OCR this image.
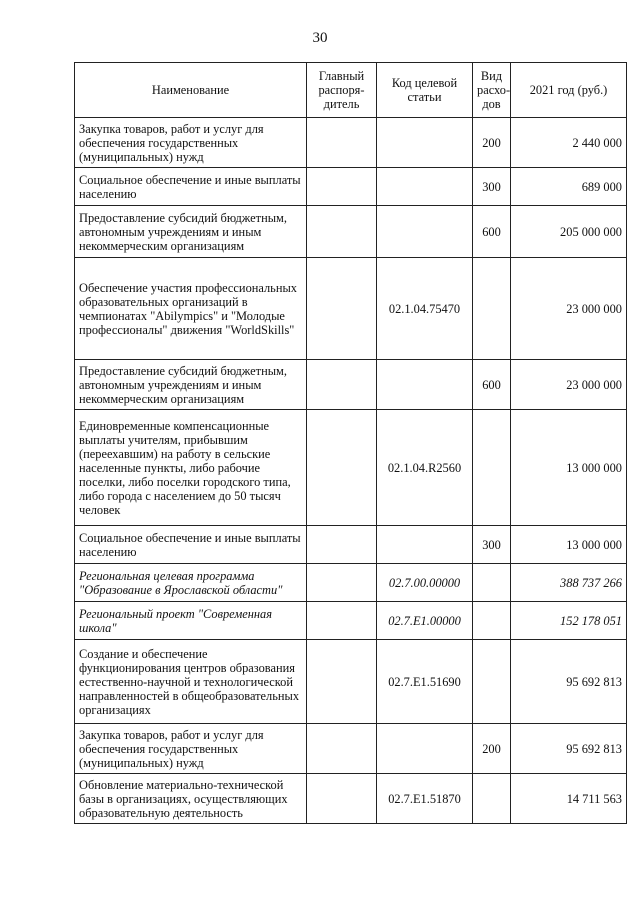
30
Наименование	Главный распоря-дитель	Код целевой статьи	Вид расхо-дов	2021 год (руб.)
Закупка товаров, работ и услуг для обеспечения государственных (муниципальных) нужд			200	2 440 000
Социальное обеспечение и иные выплаты населению			300	689 000
Предоставление субсидий бюджетным, автономным учреждениям и иным некоммерческим организациям			600	205 000 000
Обеспечение участия профессиональных образовательных организаций в чемпионатах "Abilympics" и "Молодые профессионалы" движения "WorldSkills"		02.1.04.75470		23 000 000
Предоставление субсидий бюджетным, автономным учреждениям и иным некоммерческим организациям			600	23 000 000
Единовременные компенсационные выплаты учителям, прибывшим (переехавшим) на работу в сельские населенные пункты, либо рабочие поселки, либо поселки городского типа, либо города с населением до 50 тысяч человек		02.1.04.R2560		13 000 000
Социальное обеспечение и иные выплаты населению			300	13 000 000
Региональная целевая программа "Образование в Ярославской области"		02.7.00.00000		388 737 266
Региональный проект "Современная школа"		02.7.Е1.00000		152 178 051
Создание и обеспечение функционирования центров образования естественно-научной и технологической направленностей в общеобразовательных организациях		02.7.Е1.51690		95 692 813
Закупка товаров, работ и услуг для обеспечения государственных (муниципальных) нужд			200	95 692 813
Обновление материально-технической базы в организациях, осуществляющих образовательную деятельность		02.7.Е1.51870		14 711 563
